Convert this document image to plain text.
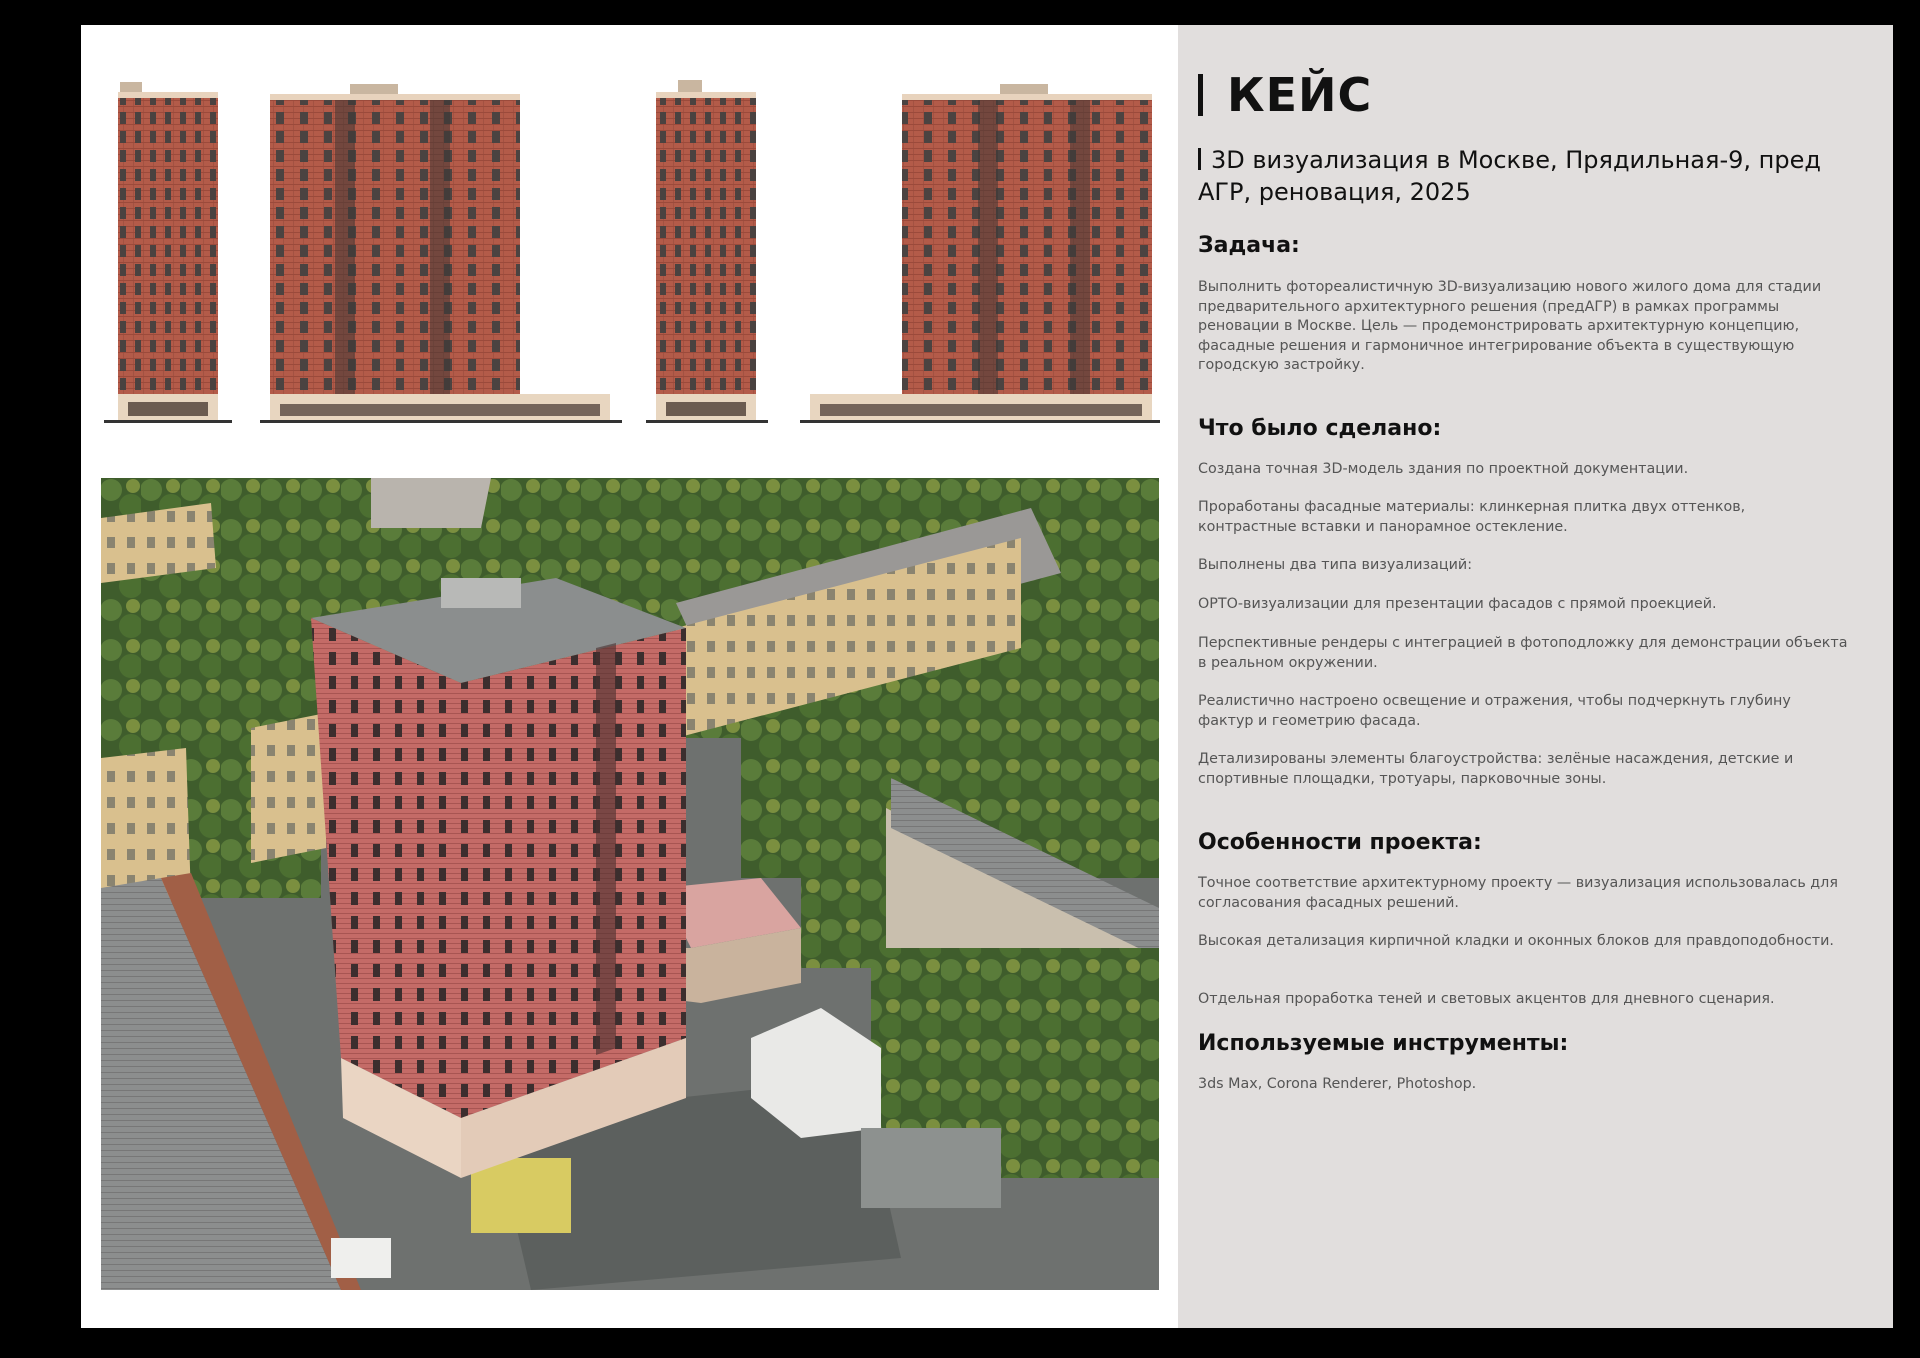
КЕЙС

3D визуализация в Москве, Прядильная-9, пред АГР, реновация, 2025

Задача:

Выполнить фотореалистичную 3D-визуализацию нового жилого дома для стадии предварительного архитектурного решения (предАГР) в рамках программы реновации в Москве. Цель — продемонстрировать архитектурную концепцию, фасадные решения и гармоничное интегрирование объекта в существующую городскую застройку.

Что было сделано:

Создана точная 3D-модель здания по проектной документации.

Проработаны фасадные материалы: клинкерная плитка двух оттенков, контрастные вставки и панорамное остекление.

Выполнены два типа визуализаций:

ОРТО-визуализации для презентации фасадов с прямой проекцией.

Перспективные рендеры с интеграцией в фотоподложку для демонстрации объекта в реальном окружении.

Реалистично настроено освещение и отражения, чтобы подчеркнуть глубину фактур и геометрию фасада.

Детализированы элементы благоустройства: зелёные насаждения, детские и спортивные площадки, тротуары, парковочные зоны.

Особенности проекта:

Точное соответствие архитектурному проекту — визуализация использовалась для согласования фасадных решений.

Высокая детализация кирпичной кладки и оконных блоков для правдоподобности.

Отдельная проработка теней и световых акцентов для дневного сценария.

Используемые инструменты:

3ds Max, Corona Renderer, Photoshop.
